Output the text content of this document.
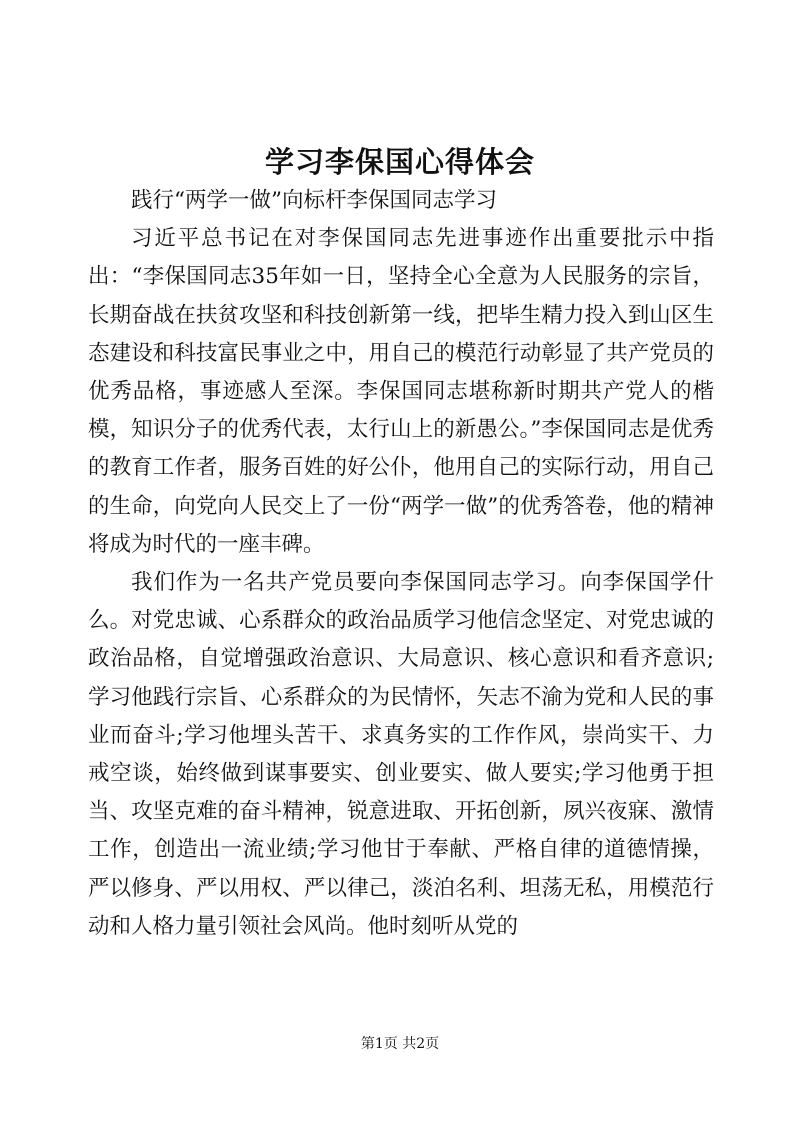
学习李保国心得体会

践行“两学一做”向标杆李保国同志学习

习近平总书记在对李保国同志先进事迹作出重要批示中指出：“李保国同志35年如一日，坚持全心全意为人民服务的宗旨，长期奋战在扶贫攻坚和科技创新第一线，把毕生精力投入到山区生态建设和科技富民事业之中，用自己的模范行动彰显了共产党员的优秀品格，事迹感人至深。李保国同志堪称新时期共产党人的楷模，知识分子的优秀代表，太行山上的新愚公。”李保国同志是优秀的教育工作者，服务百姓的好公仆，他用自己的实际行动，用自己的生命，向党向人民交上了一份“两学一做”的优秀答卷，他的精神将成为时代的一座丰碑。

我们作为一名共产党员要向李保国同志学习。向李保国学什么。对党忠诚、心系群众的政治品质学习他信念坚定、对党忠诚的政治品格，自觉增强政治意识、大局意识、核心意识和看齐意识;学习他践行宗旨、心系群众的为民情怀，矢志不渝为党和人民的事业而奋斗;学习他埋头苦干、求真务实的工作作风，崇尚实干、力戒空谈，始终做到谋事要实、创业要实、做人要实;学习他勇于担当、攻坚克难的奋斗精神，锐意进取、开拓创新，夙兴夜寐、激情工作，创造出一流业绩;学习他甘于奉献、严格自律的道德情操，严以修身、严以用权、严以律己，淡泊名利、坦荡无私，用模范行动和人格力量引领社会风尚。他时刻听从党的

第1页 共2页
